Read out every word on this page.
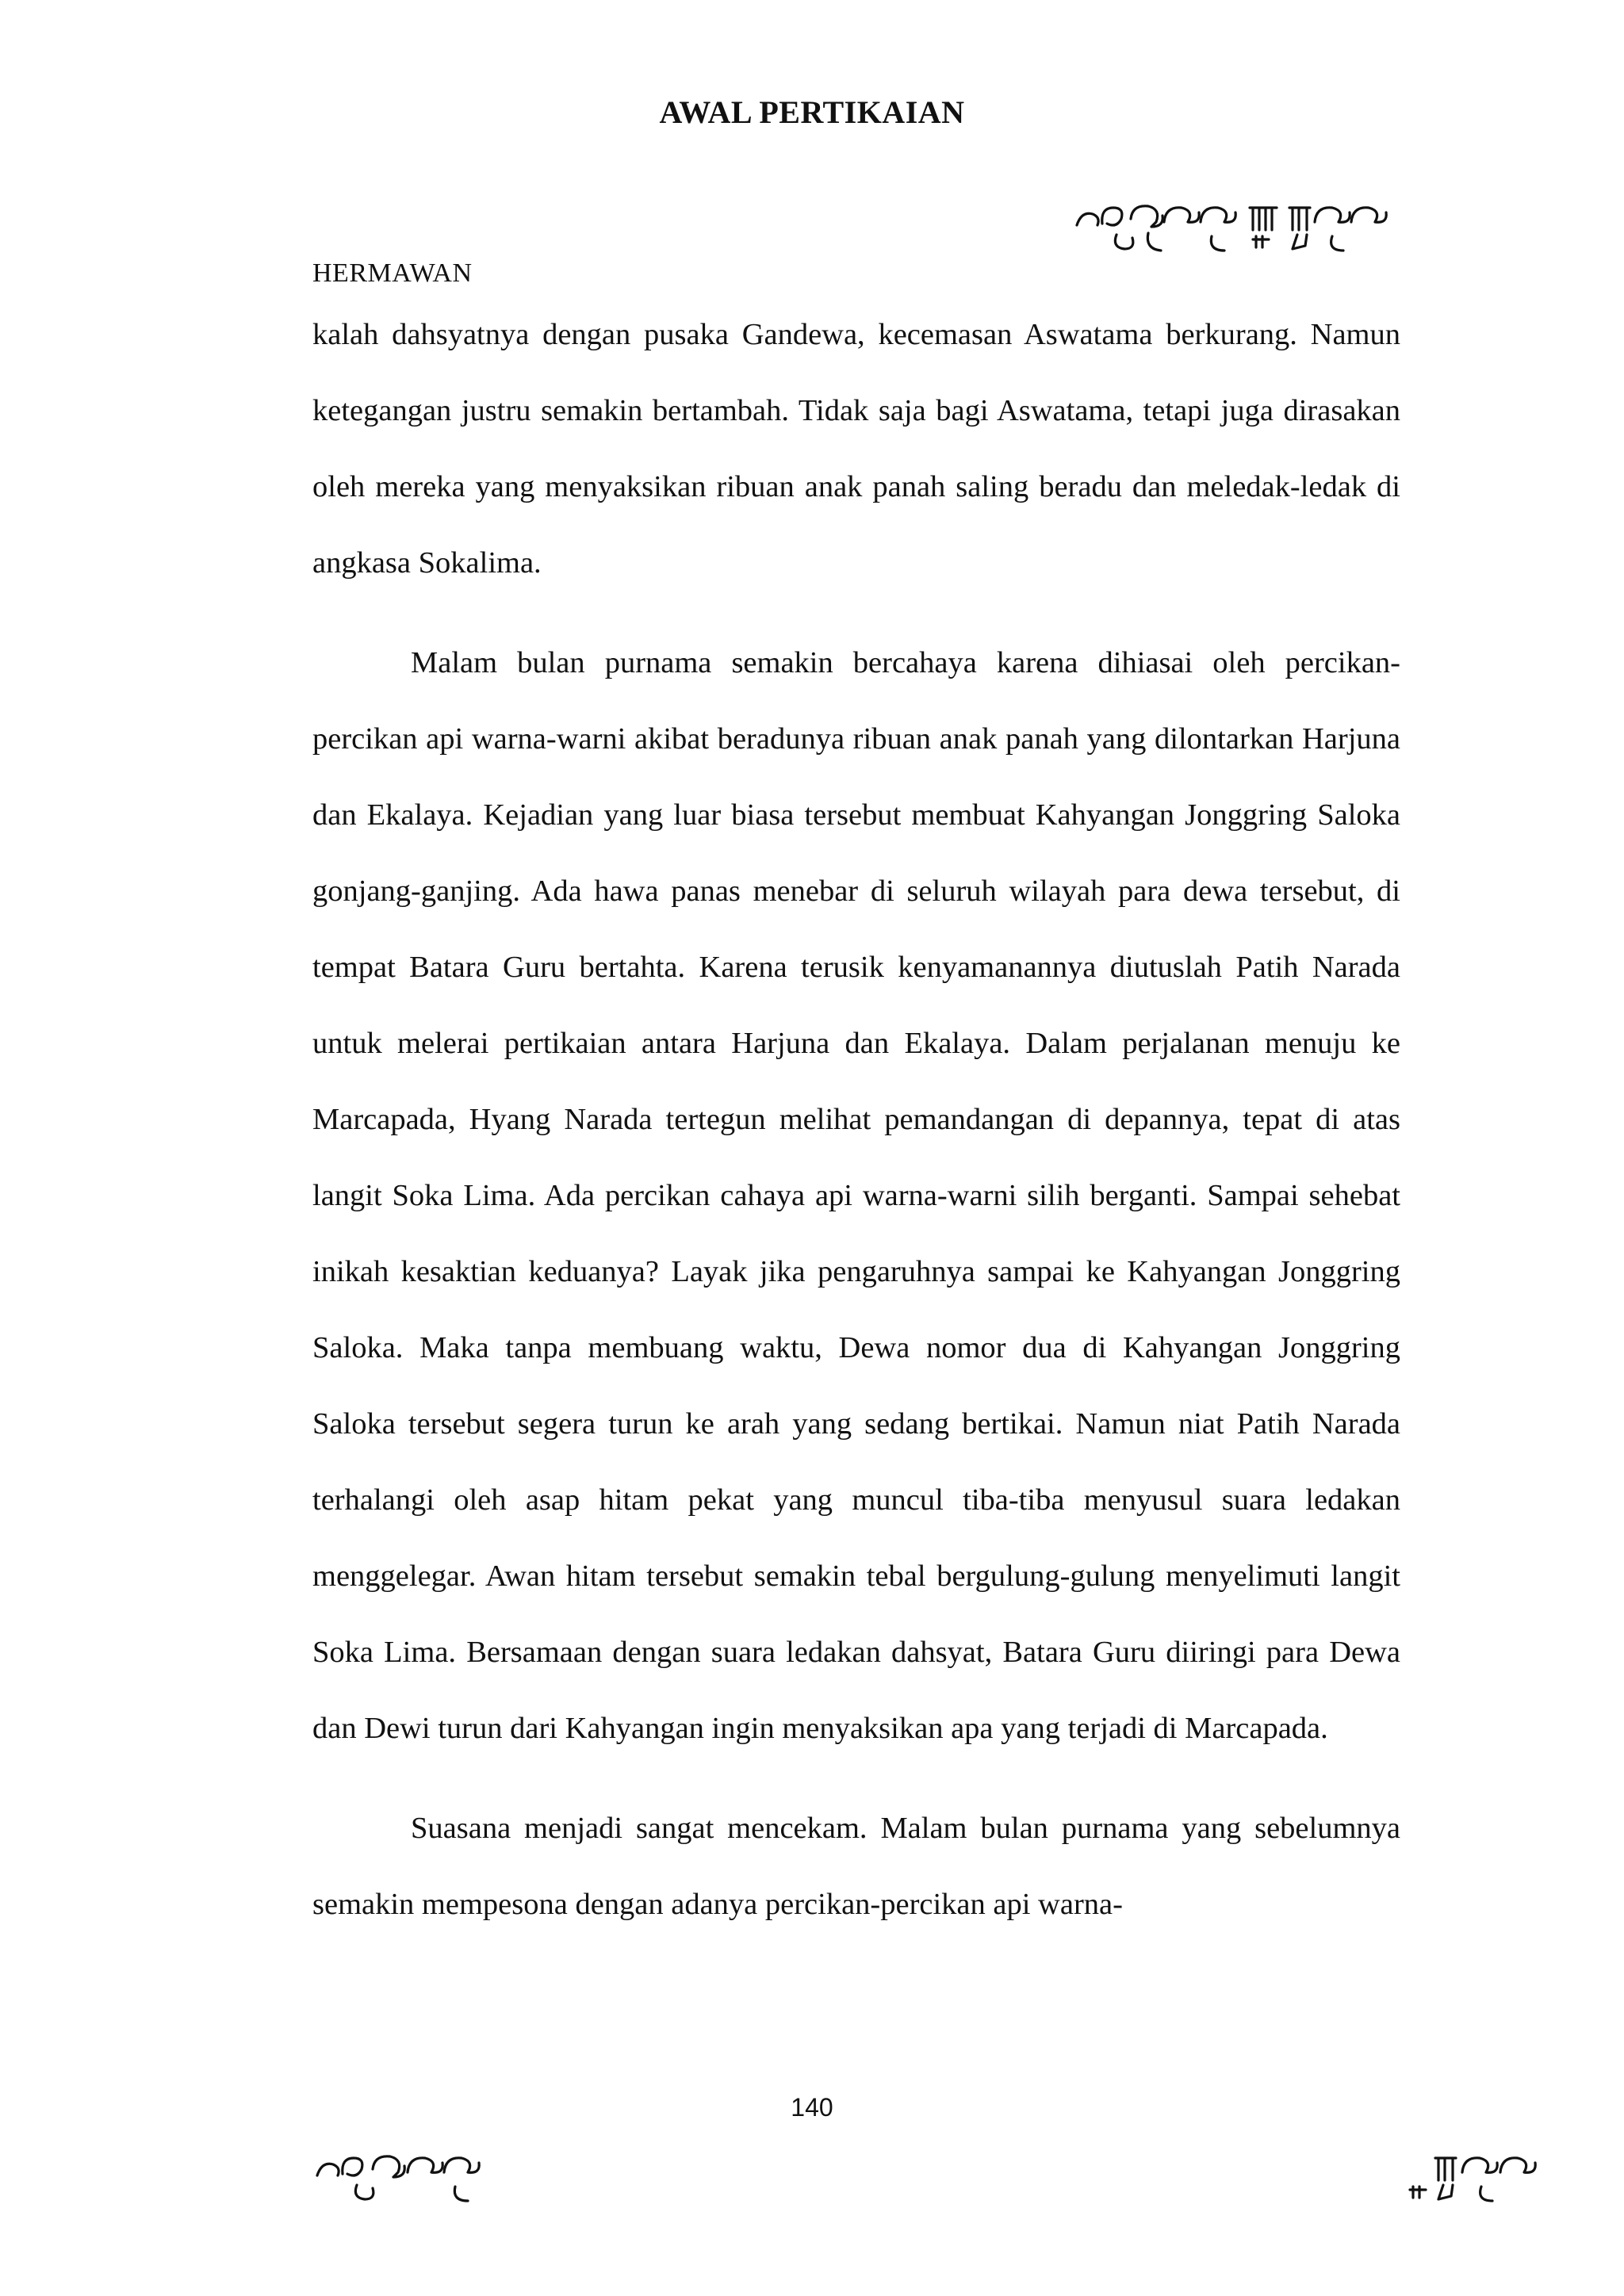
AWAL PERTIKAIAN
HERMAWAN

kalah dahsyatnya dengan pusaka Gandewa, kecemasan Aswatama berkurang. Namun ketegangan justru semakin bertambah. Tidak saja bagi Aswatama, tetapi juga dirasakan oleh mereka yang menyaksikan ribuan anak panah saling beradu dan meledak-ledak di angkasa Sokalima.

Malam bulan purnama semakin bercahaya karena dihiasai oleh percikan-percikan api warna-warni akibat beradunya ribuan anak panah yang dilontarkan Harjuna dan Ekalaya. Kejadian yang luar biasa tersebut membuat Kahyangan Jonggring Saloka gonjang-ganjing. Ada hawa panas menebar di seluruh wilayah para dewa tersebut, di tempat Batara Guru bertahta. Karena terusik kenyamanannya diutuslah Patih Narada untuk melerai pertikaian antara Harjuna dan Ekalaya. Dalam perjalanan menuju ke Marcapada, Hyang Narada tertegun melihat pemandangan di depannya, tepat di atas langit Soka Lima. Ada percikan cahaya api warna-warni silih berganti. Sampai sehebat inikah kesaktian keduanya? Layak jika pengaruhnya sampai ke Kahyangan Jonggring Saloka. Maka tanpa membuang waktu, Dewa nomor dua di Kahyangan Jonggring Saloka tersebut segera turun ke arah yang sedang bertikai. Namun niat Patih Narada terhalangi oleh asap hitam pekat yang muncul tiba-tiba menyusul suara ledakan menggelegar. Awan hitam tersebut semakin tebal bergulung-gulung menyelimuti langit Soka Lima. Bersamaan dengan suara ledakan dahsyat, Batara Guru diiringi para Dewa dan Dewi turun dari Kahyangan ingin menyaksikan apa yang terjadi di Marcapada.

Suasana menjadi sangat mencekam. Malam bulan purnama yang sebelumnya semakin mempesona dengan adanya percikan-percikan api warna-

140
